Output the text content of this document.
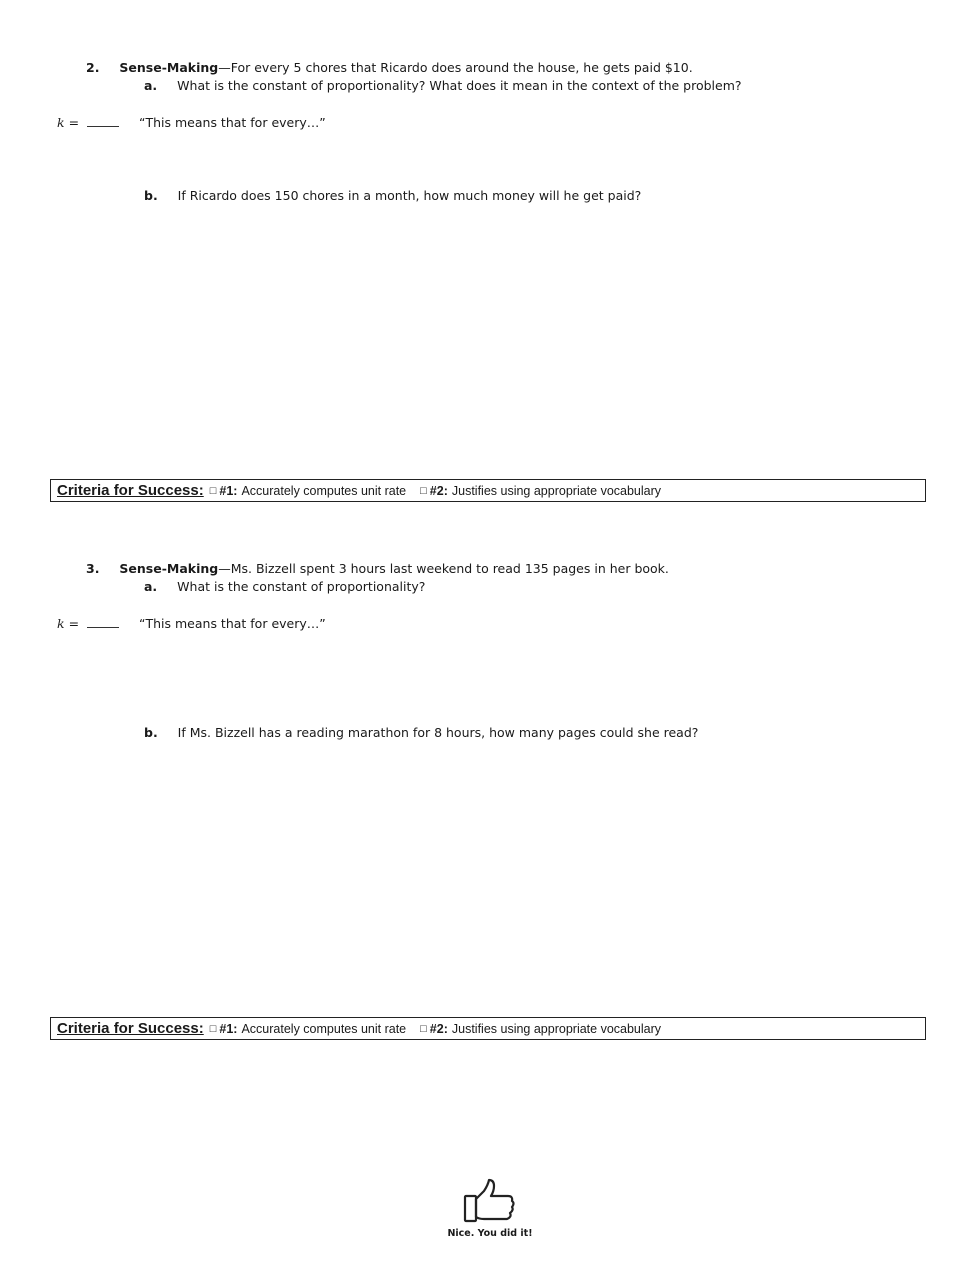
2. Sense-Making—For every 5 chores that Ricardo does around the house, he gets paid $10.
a. What is the constant of proportionality? What does it mean in the context of the problem?
k =	“This means that for every…”
b. If Ricardo does 150 chores in a month, how much money will he get paid?
Criteria for Success: □ #1: Accurately computes unit rate □ #2: Justifies using appropriate vocabulary
3. Sense-Making—Ms. Bizzell spent 3 hours last weekend to read 135 pages in her book.
a. What is the constant of proportionality?
k =	“This means that for every…”
b. If Ms. Bizzell has a reading marathon for 8 hours, how many pages could she read?
Criteria for Success: □ #1: Accurately computes unit rate □ #2: Justifies using appropriate vocabulary
Nice. You did it!
